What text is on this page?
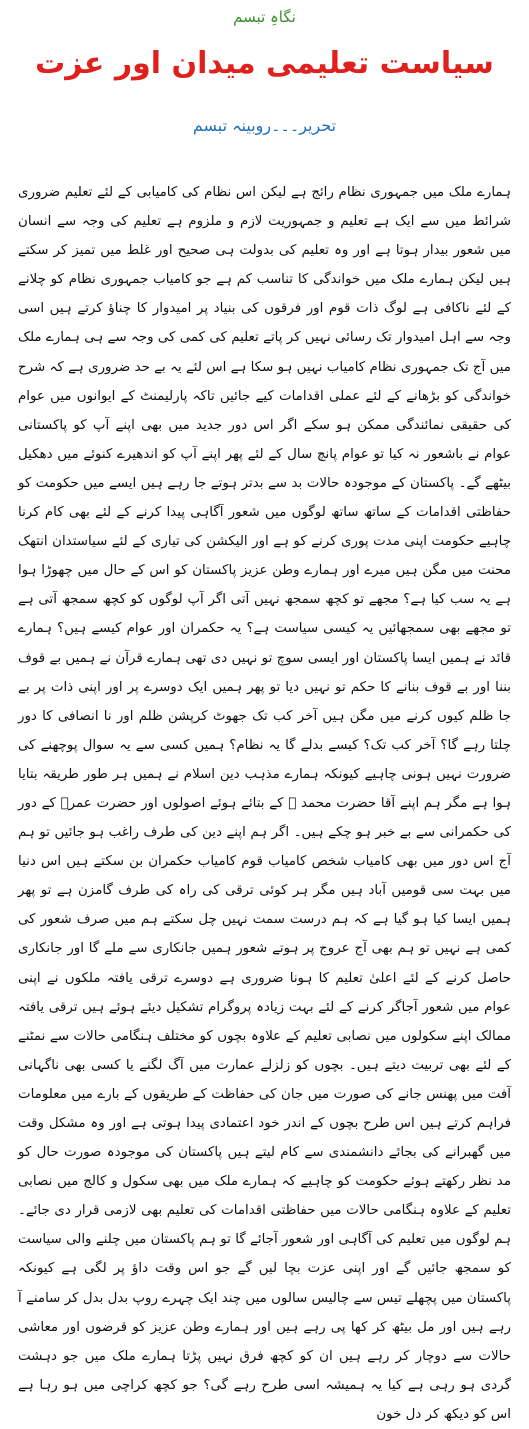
نگاہِ تبسم
سیاست تعلیمی میدان اور عزت
تحریر۔۔۔روبینہ تبسم

ہمارے ملک میں جمہوری نظام رائج ہے لیکن اس نظام کی کامیابی کے لئے تعلیم ضروری شرائط میں سے ایک ہے تعلیم و جمہوریت لازم و ملزوم ہے تعلیم کی وجہ سے انسان میں شعور بیدار ہوتا ہے اور وہ تعلیم کی بدولت ہی صحیح اور غلط میں تمیز کر سکتے ہیں لیکن ہمارے ملک میں خواندگی کا تناسب کم ہے جو کامیاب جمہوری نظام کو چلانے کے لئے ناکافی ہے لوگ ذات قوم اور فرقوں کی بنیاد پر امیدوار کا چناؤ کرتے ہیں اسی وجہ سے اہل امیدوار تک رسائی نہیں کر پاتے تعلیم کی کمی کی وجہ سے ہی ہمارے ملک میں آج تک جمہوری نظام کامیاب نہیں ہو سکا ہے اس لئے یہ بے حد ضروری ہے کہ شرح خواندگی کو بڑھانے کے لئے عملی اقدامات کیے جائیں تاکہ پارلیمنٹ کے ایوانوں میں عوام کی حقیقی نمائندگی ممکن ہو سکے اگر اس دور جدید میں بھی اپنے آپ کو پاکستانی عوام نے باشعور نہ کیا تو عوام پانچ سال کے لئے پھر اپنے آپ کو اندھیرے کنوئے میں دھکیل بیٹھے گے۔ پاکستان کے موجودہ حالات بد سے بدتر ہوتے جا رہے ہیں ایسے میں حکومت کو حفاظتی اقدامات کے ساتھ ساتھ لوگوں میں شعور آگاہی پیدا کرنے کے لئے بھی کام کرنا چاہیے حکومت اپنی مدت پوری کرنے کو ہے اور الیکشن کی تیاری کے لئے سیاستدان انتھک محنت میں مگن ہیں میرے اور ہمارے وطن عزیز پاکستان کو اس کے حال میں چھوڑا ہوا ہے یہ سب کیا ہے؟ مجھے تو کچھ سمجھ نہیں آتی اگر آپ لوگوں کو کچھ سمجھ آتی ہے تو مجھے بھی سمجھائیں یہ کیسی سیاست ہے؟ یہ حکمران اور عوام کیسے ہیں؟ ہمارے قائد نے ہمیں ایسا پاکستان اور ایسی سوچ تو نہیں دی تھی ہمارے قرآن نے ہمیں بے قوف بننا اور بے قوف بنانے کا حکم تو نہیں دیا تو پھر ہمیں ایک دوسرے پر اور اپنی ذات پر بے جا ظلم کیوں کرنے میں مگن ہیں آخر کب تک جھوٹ کرپشن ظلم اور نا انصافی کا دور چلتا رہے گا؟ آخر کب تک؟ کیسے بدلے گا یہ نظام؟ ہمیں کسی سے یہ سوال پوچھنے کی ضرورت نہیں ہونی چاہیے کیونکہ ہمارے مذہب دین اسلام نے ہمیں ہر طور طریقہ بتایا ہوا ہے مگر ہم اپنے آقا حضرت محمد ﷺ کے بتائے ہوئے اصولوں اور حضرت عمرؓ کے دور کی حکمرانی سے بے خبر ہو چکے ہیں۔ اگر ہم اپنے دین کی طرف راغب ہو جائیں تو ہم آج اس دور میں بھی کامیاب شخص کامیاب قوم کامیاب حکمران بن سکتے ہیں اس دنیا میں بہت سی قومیں آباد ہیں مگر ہر کوئی ترقی کی راہ کی طرف گامزن ہے تو پھر ہمیں ایسا کیا ہو گیا ہے کہ ہم درست سمت نہیں چل سکتے ہم میں صرف شعور کی کمی ہے نہیں تو ہم بھی آج عروج پر ہوتے شعور ہمیں جانکاری سے ملے گا اور جانکاری حاصل کرنے کے لئے اعلیٰ تعلیم کا ہونا ضروری ہے دوسرے ترقی یافتہ ملکوں نے اپنی عوام میں شعور آجاگر کرنے کے لئے بہت زیادہ پروگرام تشکیل دیئے ہوئے ہیں ترقی یافتہ ممالک اپنے سکولوں میں نصابی تعلیم کے علاوہ بچوں کو مختلف ہنگامی حالات سے نمٹنے کے لئے بھی تربیت دیتے ہیں۔ بچوں کو زلزلے عمارت میں آگ لگنے یا کسی بھی ناگہانی آفت میں پھنس جانے کی صورت میں جان کی حفاظت کے طریقوں کے بارے میں معلومات فراہم کرتے ہیں اس طرح بچوں کے اندر خود اعتمادی پیدا ہوتی ہے اور وہ مشکل وقت میں گھبرانے کی بجائے دانشمندی سے کام لیتے ہیں پاکستان کی موجودہ صورت حال کو مد نظر رکھتے ہوئے حکومت کو چاہیے کہ ہمارے ملک میں بھی سکول و کالج میں نصابی تعلیم کے علاوہ ہنگامی حالات میں حفاظتی اقدامات کی تعلیم بھی لازمی قرار دی جائے۔ ہم لوگوں میں تعلیم کی آگاہی اور شعور آجائے گا تو ہم پاکستان میں چلنے والی سیاست کو سمجھ جائیں گے اور اپنی عزت بچا لیں گے جو اس وقت داؤ پر لگی ہے کیونکہ پاکستان میں پچھلے تیس سے چالیس سالوں میں چند ایک چہرے روپ بدل بدل کر سامنے آ رہے ہیں اور مل بیٹھ کر کھا پی رہے ہیں اور ہمارے وطن عزیز کو قرضوں اور معاشی حالات سے دوچار کر رہے ہیں ان کو کچھ فرق نہیں پڑتا ہمارے ملک میں جو دہشت گردی ہو رہی ہے کیا یہ ہمیشہ اسی طرح رہے گی؟ جو کچھ کراچی میں ہو رہا ہے اس کو دیکھ کر دل خون
